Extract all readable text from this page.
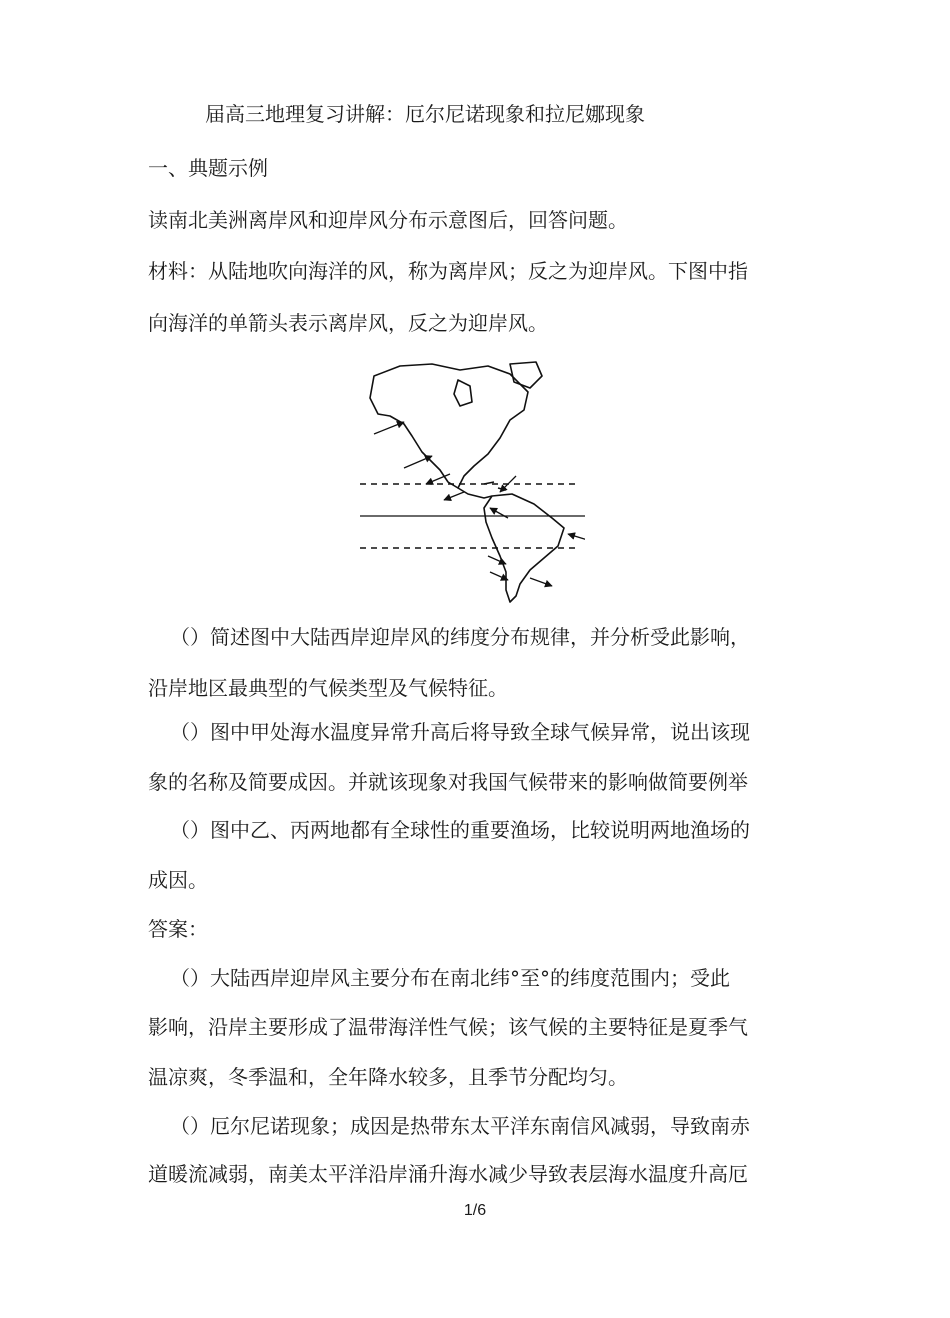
届高三地理复习讲解：厄尔尼诺现象和拉尼娜现象
一、典题示例
读南北美洲离岸风和迎岸风分布示意图后，回答问题。
材料：从陆地吹向海洋的风，称为离岸风；反之为迎岸风。下图中指
向海洋的单箭头表示离岸风，反之为迎岸风。
（）简述图中大陆西岸迎岸风的纬度分布规律，并分析受此影响，
沿岸地区最典型的气候类型及气候特征。
（）图中甲处海水温度异常升高后将导致全球气候异常，说出该现
象的名称及简要成因。并就该现象对我国气候带来的影响做简要例举
（）图中乙、丙两地都有全球性的重要渔场，比较说明两地渔场的
成因。
答案：
（）大陆西岸迎岸风主要分布在南北纬°至°的纬度范围内；受此
影响，沿岸主要形成了温带海洋性气候；该气候的主要特征是夏季气
温凉爽，冬季温和，全年降水较多，且季节分配均匀。
（）厄尔尼诺现象；成因是热带东太平洋东南信风减弱，导致南赤
道暖流减弱，南美太平洋沿岸涌升海水减少导致表层海水温度升高厄
1/6
